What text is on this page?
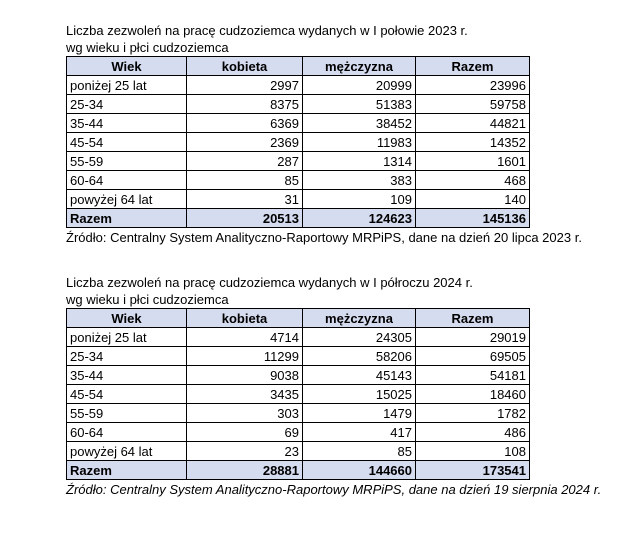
Liczba zezwoleń na pracę cudzoziemca wydanych w I połowie 2023 r.
wg wieku i płci cudzoziemca
Wiek	kobieta	mężczyzna	Razem
poniżej 25 lat	2997	20999	23996
25-34	8375	51383	59758
35-44	6369	38452	44821
45-54	2369	11983	14352
55-59	287	1314	1601
60-64	85	383	468
powyżej 64 lat	31	109	140
Razem	20513	124623	145136
Źródło: Centralny System Analityczno-Raportowy MRPiPS, dane na dzień 20 lipca 2023 r.
Liczba zezwoleń na pracę cudzoziemca wydanych w I półroczu 2024 r.
wg wieku i płci cudzoziemca
Wiek	kobieta	mężczyzna	Razem
poniżej 25 lat	4714	24305	29019
25-34	11299	58206	69505
35-44	9038	45143	54181
45-54	3435	15025	18460
55-59	303	1479	1782
60-64	69	417	486
powyżej 64 lat	23	85	108
Razem	28881	144660	173541
Źródło: Centralny System Analityczno-Raportowy MRPiPS, dane na dzień 19 sierpnia 2024 r.
